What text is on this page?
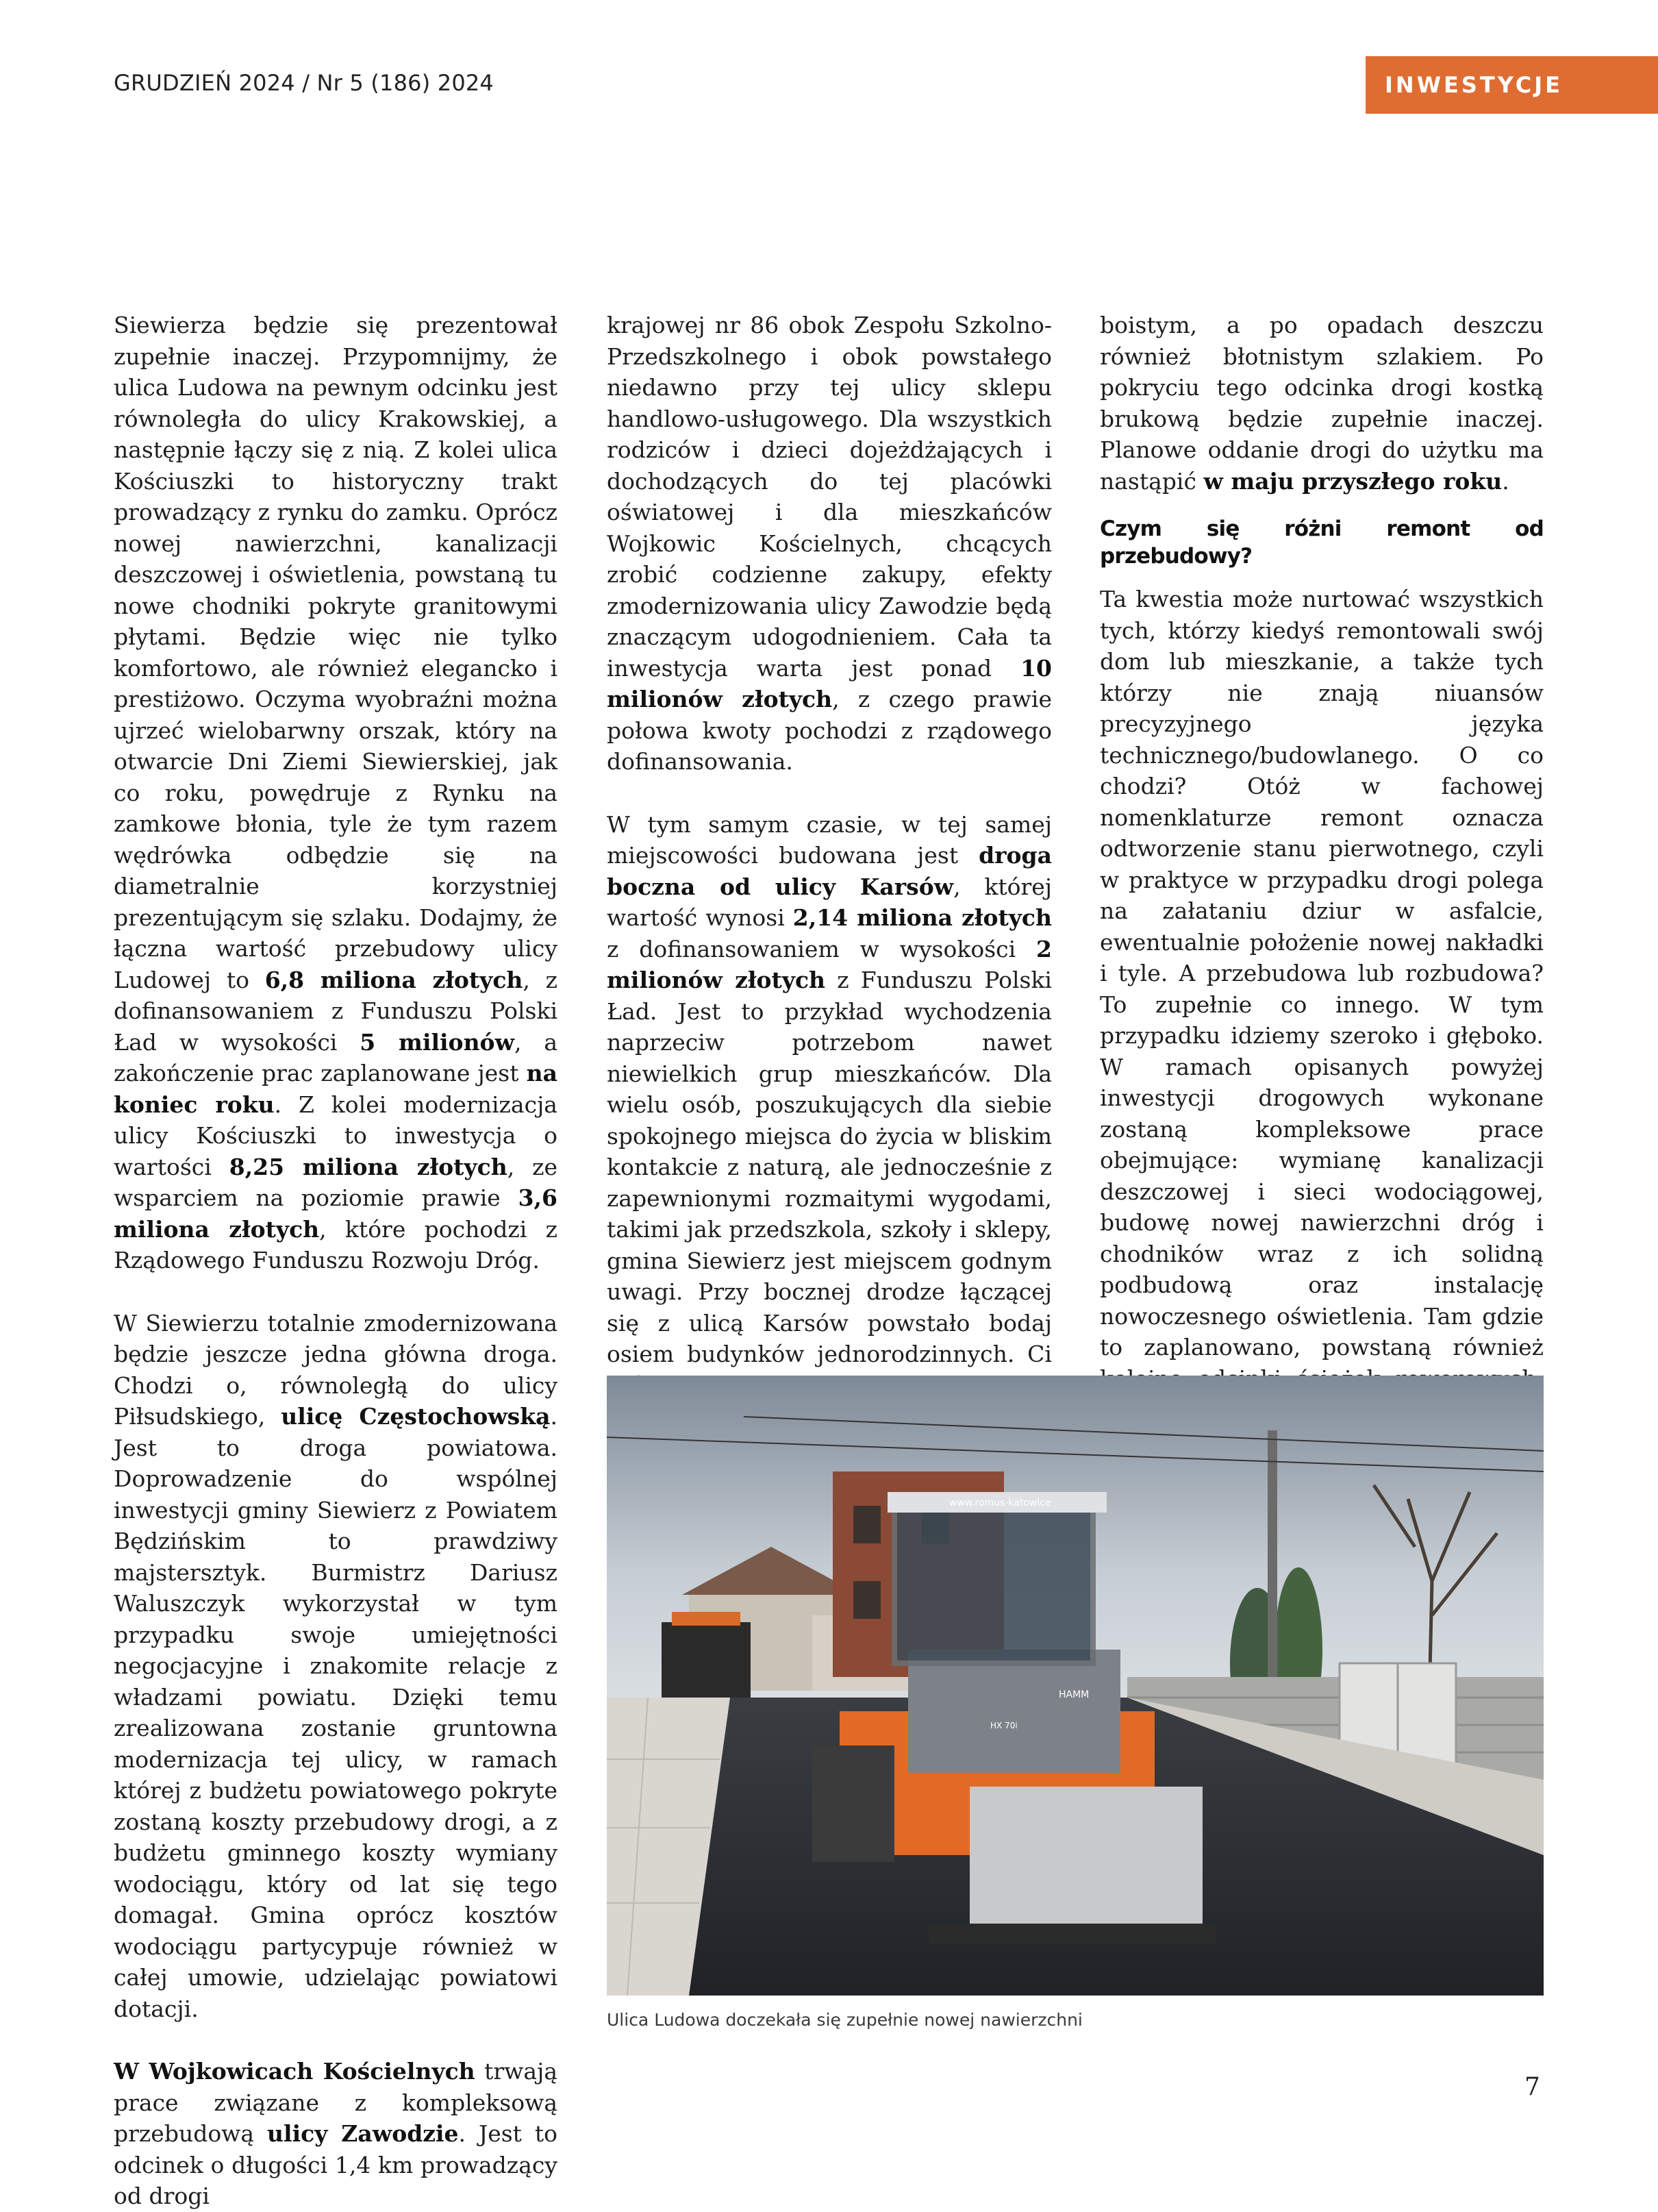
GRUDZIEŃ 2024 / Nr 5 (186) 2024	INWESTYCJE

Siewierza będzie się prezentował zupełnie inaczej. Przypomnijmy, że ulica Ludowa na pewnym odcinku jest równoległa do ulicy Krakowskiej, a następnie łączy się z nią. Z kolei ulica Kościuszki to historyczny trakt prowadzący z rynku do zamku. Oprócz nowej nawierzchni, kanalizacji deszczowej i oświetlenia, powstaną tu nowe chodniki pokryte granitowymi płytami. Będzie więc nie tylko komfortowo, ale również elegancko i prestiżowo. Oczyma wyobraźni można ujrzeć wielobarwny orszak, który na otwarcie Dni Ziemi Siewierskiej, jak co roku, powędruje z Rynku na zamkowe błonia, tyle że tym razem wędrówka odbędzie się na diametralnie korzystniej prezentującym się szlaku. Dodajmy, że łączna wartość przebudowy ulicy Ludowej to 6,8 miliona złotych, z dofinansowaniem z Funduszu Polski Ład w wysokości 5 milionów, a zakończenie prac zaplanowane jest na koniec roku. Z kolei modernizacja ulicy Kościuszki to inwestycja o wartości 8,25 miliona złotych, ze wsparciem na poziomie prawie 3,6 miliona złotych, które pochodzi z Rządowego Funduszu Rozwoju Dróg.

W Siewierzu totalnie zmodernizowana będzie jeszcze jedna główna droga. Chodzi o, równoległą do ulicy Piłsudskiego, ulicę Częstochowską. Jest to droga powiatowa. Doprowadzenie do wspólnej inwestycji gminy Siewierz z Powiatem Będzińskim to prawdziwy majstersztyk. Burmistrz Dariusz Waluszczyk wykorzystał w tym przypadku swoje umiejętności negocjacyjne i znakomite relacje z władzami powiatu. Dzięki temu zrealizowana zostanie gruntowna modernizacja tej ulicy, w ramach której z budżetu powiatowego pokryte zostaną koszty przebudowy drogi, a z budżetu gminnego koszty wymiany wodociągu, który od lat się tego domagał. Gmina oprócz kosztów wodociągu partycypuje również w całej umowie, udzielając powiatowi dotacji.

W Wojkowicach Kościelnych trwają prace związane z kompleksową przebudową ulicy Zawodzie. Jest to odcinek o długości 1,4 km prowadzący od drogi

krajowej nr 86 obok Zespołu Szkolno-Przedszkolnego i obok powstałego niedawno przy tej ulicy sklepu handlowo-usługowego. Dla wszystkich rodziców i dzieci dojeżdżających i dochodzących do tej placówki oświatowej i dla mieszkańców Wojkowic Kościelnych, chcących zrobić codzienne zakupy, efekty zmodernizowania ulicy Zawodzie będą znaczącym udogodnieniem. Cała ta inwestycja warta jest ponad 10 milionów złotych, z czego prawie połowa kwoty pochodzi z rządowego dofinansowania.

W tym samym czasie, w tej samej miejscowości budowana jest droga boczna od ulicy Karsów, której wartość wynosi 2,14 miliona złotych z dofinansowaniem w wysokości 2 milionów złotych z Funduszu Polski Ład. Jest to przykład wychodzenia naprzeciw potrzebom nawet niewielkich grup mieszkańców. Dla wielu osób, poszukujących dla siebie spokojnego miejsca do życia w bliskim kontakcie z naturą, ale jednocześnie z zapewnionymi rozmaitymi wygodami, takimi jak przedszkola, szkoły i sklepy, gmina Siewierz jest miejscem godnym uwagi. Przy bocznej drodze łączącej się z ulicą Karsów powstało bodaj osiem budynków jednorodzinnych. Ci

boistym, a po opadach deszczu również błotnistym szlakiem. Po pokryciu tego odcinka drogi kostką brukową będzie zupełnie inaczej. Planowe oddanie drogi do użytku ma nastąpić w maju przyszłego roku.

Czym się różni remont od przebudowy?

Ta kwestia może nurtować wszystkich tych, którzy kiedyś remontowali swój dom lub mieszkanie, a także tych którzy nie znają niuansów precyzyjnego języka technicznego/budowlanego. O co chodzi? Otóż w fachowej nomenklaturze remont oznacza odtworzenie stanu pierwotnego, czyli w praktyce w przypadku drogi polega na załataniu dziur w asfalcie, ewentualnie położenie nowej nakładki i tyle. A przebudowa lub rozbudowa? To zupełnie co innego. W tym przypadku idziemy szeroko i głęboko. W ramach opisanych powyżej inwestycji drogowych wykonane zostaną kompleksowe prace obejmujące: wymianę kanalizacji deszczowej i sieci wodociągowej, budowę nowej nawierzchni dróg i chodników wraz z ich solidną podbudową oraz instalację nowoczesnego oświetlenia. Tam gdzie to zaplanowano, powstaną również

www.romus-katowice
HAMM
HX 70i
Ulica Ludowa doczekała się zupełnie nowej nawierzchni
7
